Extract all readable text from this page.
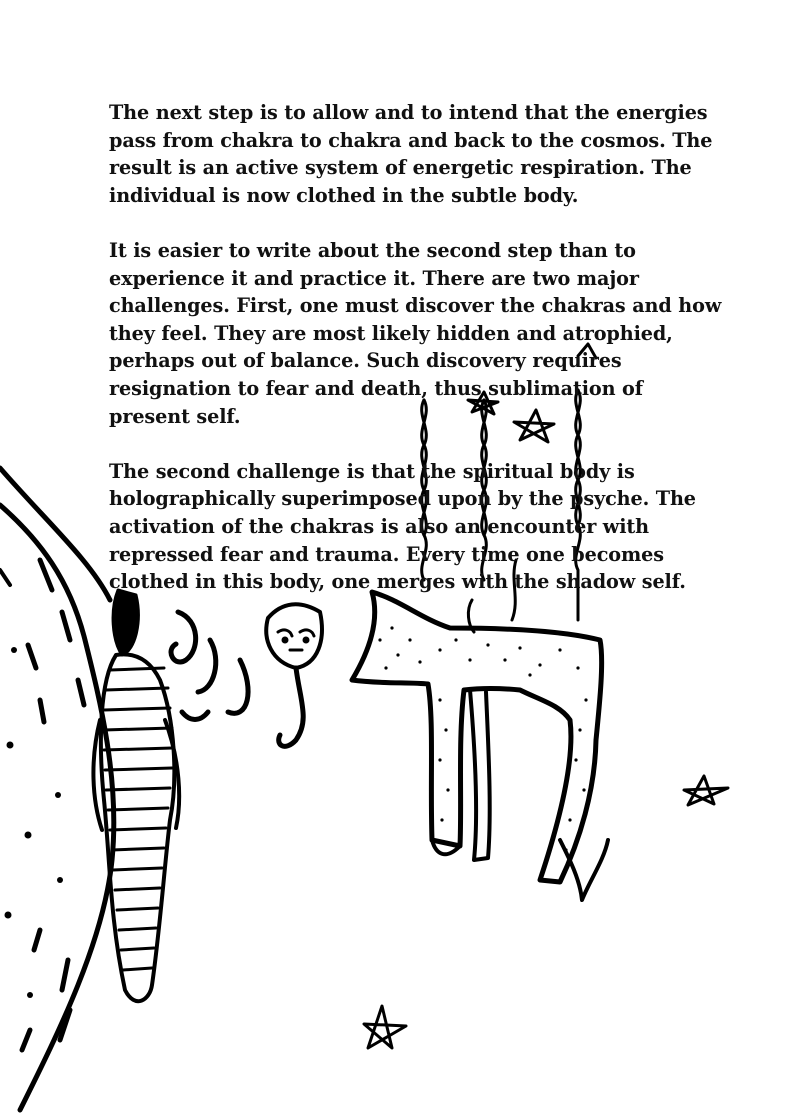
The next step is to allow and to intend that the energies
pass from chakra to chakra and back to the cosmos. The
result is an active system of energetic respiration. The
individual is now clothed in the subtle body.

It is easier to write about the second step than to
experience it and practice it. There are two major
challenges. First, one must discover the chakras and how
they feel. They are most likely hidden and atrophied,
perhaps out of balance. Such discovery requires
resignation to fear and death, thus sublimation of
present self.

The second challenge is that the spiritual body is
holographically superimposed upon by the psyche. The
activation of the chakras is also an encounter with
repressed fear and trauma. Every time one becomes
clothed in this body, one merges with the shadow self.
